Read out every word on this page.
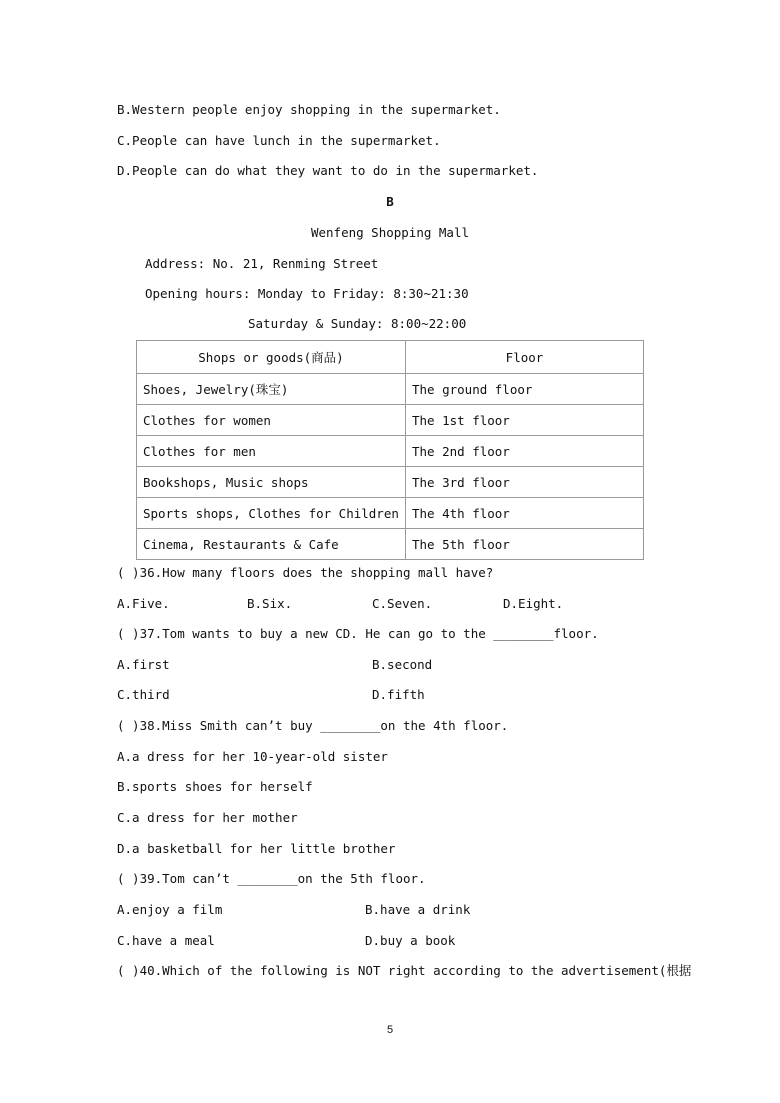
B.Western people enjoy shopping in the supermarket.
C.People can have lunch in the supermarket.
D.People can do what they want to do in the supermarket.
B
Wenfeng Shopping Mall
Address: No. 21, Renming Street
Opening hours: Monday to Friday: 8:30~21:30
Saturday & Sunday: 8:00~22:00
Shops or goods(商品)	Floor
Shoes, Jewelry(珠宝)	The ground floor
Clothes for women	The 1st floor
Clothes for men	The 2nd floor
Bookshops, Music shops	The 3rd floor
Sports shops, Clothes for Children	The 4th floor
Cinema, Restaurants & Cafe	The 5th floor
( )36.How many floors does the shopping mall have?
A.Five.	B.Six.	C.Seven.	D.Eight.
( )37.Tom wants to buy a new CD. He can go to the ________floor.
A.first	B.second
C.third	D.fifth
( )38.Miss Smith can’t buy ________on the 4th floor.
A.a dress for her 10-year-old sister
B.sports shoes for herself
C.a dress for her mother
D.a basketball for her little brother
( )39.Tom can’t ________on the 5th floor.
A.enjoy a film	B.have a drink
C.have a meal	D.buy a book
( )40.Which of the following is NOT right according to the advertisement(根据
5
